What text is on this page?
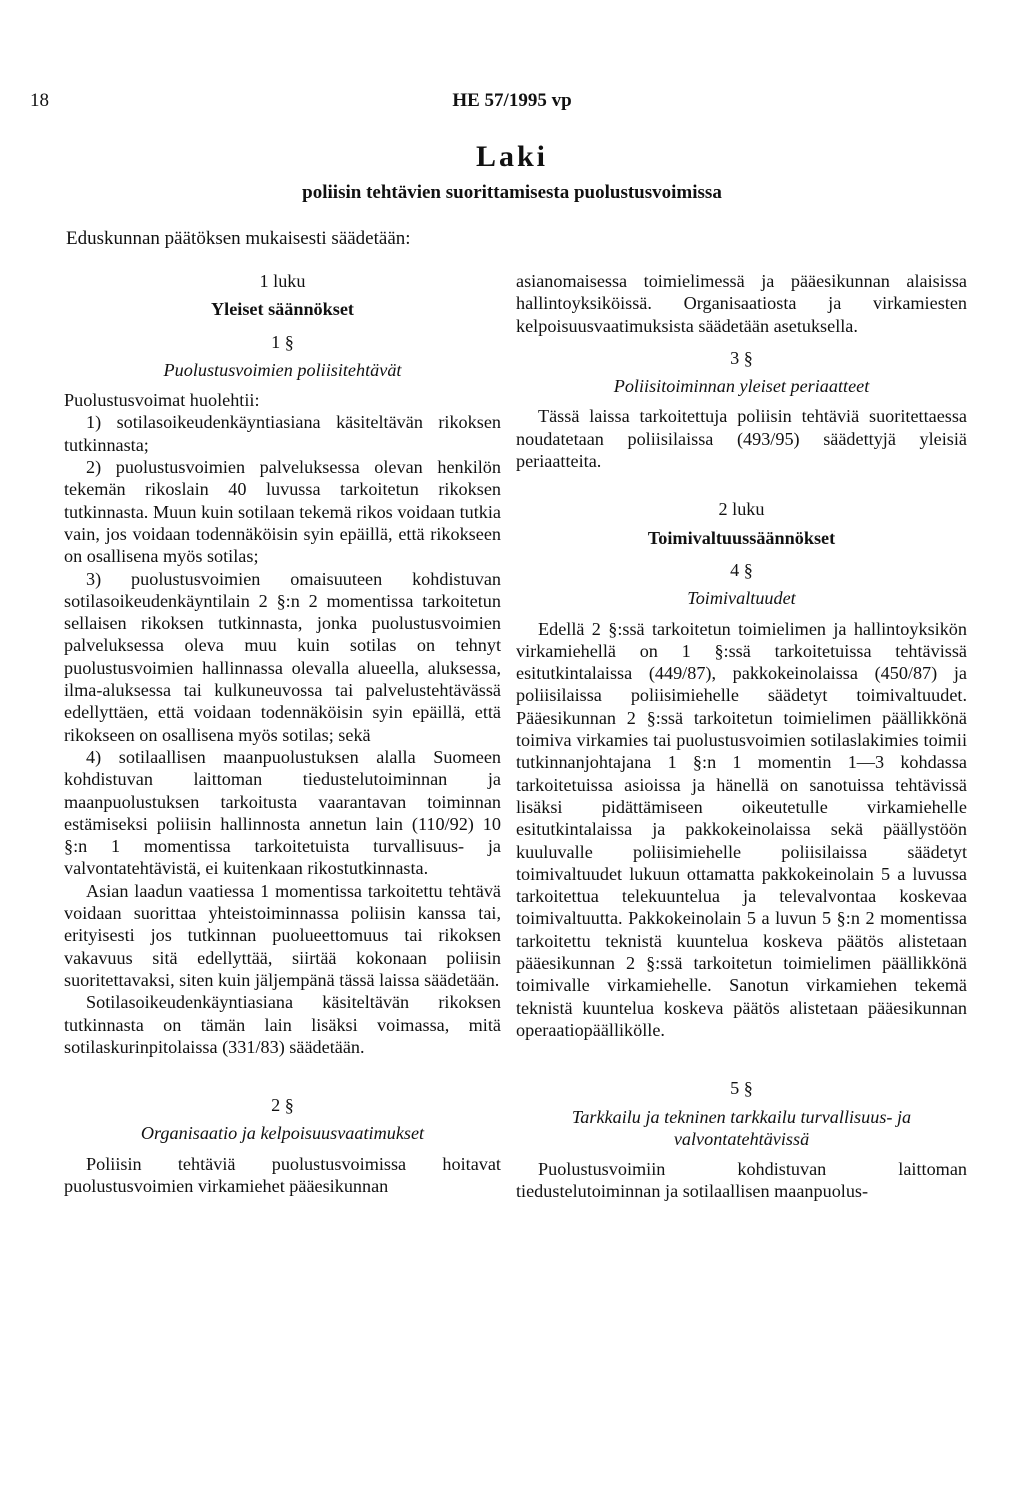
18	HE 57/1995 vp
Laki
poliisin tehtävien suorittamisesta puolustusvoimissa
Eduskunnan päätöksen mukaisesti säädetään:
1 luku
Yleiset säännökset
1 §
Puolustusvoimien poliisitehtävät

Puolustusvoimat huolehtii:

1) sotilasoikeudenkäyntiasiana käsiteltävän rikoksen tutkinnasta;

2) puolustusvoimien palveluksessa olevan henkilön tekemän rikoslain 40 luvussa tarkoitetun rikoksen tutkinnasta. Muun kuin sotilaan tekemä rikos voidaan tutkia vain, jos voidaan todennäköisin syin epäillä, että rikokseen on osallisena myös sotilas;

3) puolustusvoimien omaisuuteen kohdistuvan sotilasoikeudenkäyntilain 2 §:n 2 momentissa tarkoitetun sellaisen rikoksen tutkinnasta, jonka puolustusvoimien palveluksessa oleva muu kuin sotilas on tehnyt puolustusvoimien hallinnassa olevalla alueella, aluksessa, ilma-aluksessa tai kulkuneuvossa tai palvelustehtävässä edellyttäen, että voidaan todennäköisin syin epäillä, että rikokseen on osallisena myös sotilas; sekä

4) sotilaallisen maanpuolustuksen alalla Suomeen kohdistuvan laittoman tiedustelutoiminnan ja maanpuolustuksen tarkoitusta vaarantavan toiminnan estämiseksi poliisin hallinnosta annetun lain (110/92) 10 §:n 1 momentissa tarkoitetuista turvallisuus- ja valvontatehtävistä, ei kuitenkaan rikostutkinnasta.

Asian laadun vaatiessa 1 momentissa tarkoitettu tehtävä voidaan suorittaa yhteistoiminnassa poliisin kanssa tai, erityisesti jos tutkinnan puolueettomuus tai rikoksen vakavuus sitä edellyttää, siirtää kokonaan poliisin suoritettavaksi, siten kuin jäljempänä tässä laissa säädetään.

Sotilasoikeudenkäyntiasiana käsiteltävän rikoksen tutkinnasta on tämän lain lisäksi voimassa, mitä sotilaskurinpitolaissa (331/83) säädetään.

2 §
Organisaatio ja kelpoisuusvaatimukset

Poliisin tehtäviä puolustusvoimissa hoitavat puolustusvoimien virkamiehet pääesikunnan

asianomaisessa toimielimessä ja pääesikunnan alaisissa hallintoyksiköissä. Organisaatiosta ja virkamiesten kelpoisuusvaatimuksista säädetään asetuksella.

3 §
Poliisitoiminnan yleiset periaatteet

Tässä laissa tarkoitettuja poliisin tehtäviä suoritettaessa noudatetaan poliisilaissa (493/95) säädettyjä yleisiä periaatteita.

2 luku
Toimivaltuussäännökset
4 §
Toimivaltuudet

Edellä 2 §:ssä tarkoitetun toimielimen ja hallintoyksikön virkamiehellä on 1 §:ssä tarkoitetuissa tehtävissä esitutkintalaissa (449/87), pakkokeinolaissa (450/87) ja poliisilaissa poliisimiehelle säädetyt toimivaltuudet. Pääesikunnan 2 §:ssä tarkoitetun toimielimen päällikkönä toimiva virkamies tai puolustusvoimien sotilaslakimies toimii tutkinnanjohtajana 1 §:n 1 momentin 1—3 kohdassa tarkoitetuissa asioissa ja hänellä on sanotuissa tehtävissä lisäksi pidättämiseen oikeutetulle virkamiehelle esitutkintalaissa ja pakkokeinolaissa sekä päällystöön kuuluvalle poliisimiehelle poliisilaissa säädetyt toimivaltuudet lukuun ottamatta pakkokeinolain 5 a luvussa tarkoitettua telekuuntelua ja televalvontaa koskevaa toimivaltuutta. Pakkokeinolain 5 a luvun 5 §:n 2 momentissa tarkoitettu teknistä kuuntelua koskeva päätös alistetaan pääesikunnan 2 §:ssä tarkoitetun toimielimen päällikkönä toimivalle virkamiehelle. Sanotun virkamiehen tekemä teknistä kuuntelua koskeva päätös alistetaan pääesikunnan operaatiopäällikölle.

5 §
Tarkkailu ja tekninen tarkkailu turvallisuus- ja valvontatehtävissä

Puolustusvoimiin kohdistuvan laittoman tiedustelutoiminnan ja sotilaallisen maanpuolus-
